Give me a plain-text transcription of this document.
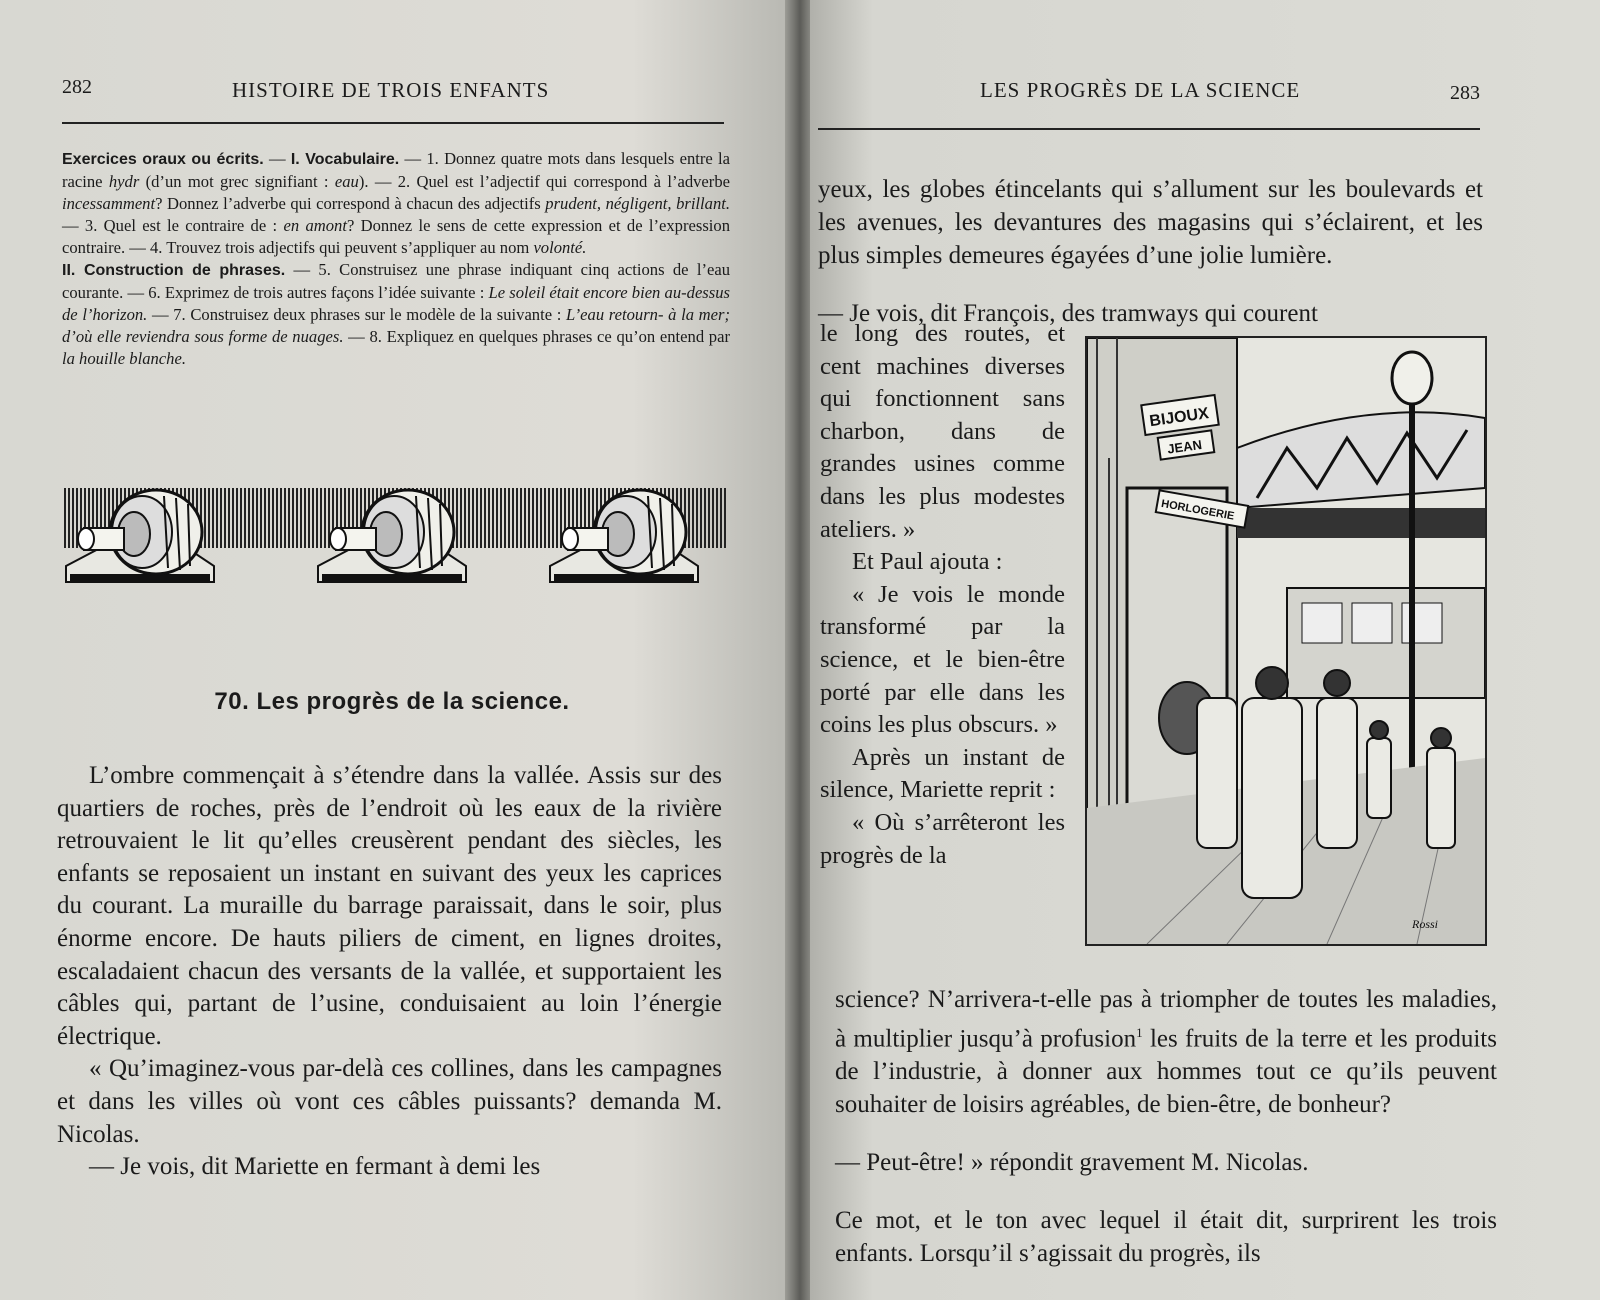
282	HISTOIRE DE TROIS ENFANTS
Exercices oraux ou écrits. — I. Vocabulaire. — 1. Donnez quatre mots dans lesquels entre la racine hydr (d’un mot grec signifiant : eau). — 2. Quel est l’adjectif qui correspond à l’adverbe incessamment? Donnez l’adverbe qui correspond à chacun des adjectifs prudent, négligent, brillant. — 3. Quel est le contraire de : en amont? Donnez le sens de cette expression et de l’expression contraire. — 4. Trouvez trois adjectifs qui peuvent s’appliquer au nom volonté.
II. Construction de phrases. — 5. Construisez une phrase indiquant cinq actions de l’eau courante. — 6. Exprimez de trois autres façons l’idée suivante : Le soleil était encore bien au-dessus de l’horizon. — 7. Construisez deux phrases sur le modèle de la suivante : L’eau retourn- à la mer; d’où elle reviendra sous forme de nuages. — 8. Expliquez en quelques phrases ce qu’on entend par la houille blanche.
70. Les progrès de la science.

L’ombre commençait à s’étendre dans la vallée. Assis sur des quartiers de roches, près de l’endroit où les eaux de la rivière retrouvaient le lit qu’elles creusèrent pendant des siècles, les enfants se reposaient un instant en suivant des yeux les caprices du courant. La muraille du barrage paraissait, dans le soir, plus énorme encore. De hauts piliers de ciment, en lignes droites, escaladaient chacun des versants de la vallée, et supportaient les câbles qui, partant de l’usine, conduisaient au loin l’énergie électrique.

« Qu’imaginez-vous par-delà ces collines, dans les campagnes et dans les villes où vont ces câbles puissants? demanda M. Nicolas.

— Je vois, dit Mariette en fermant à demi les

LES PROGRÈS DE LA SCIENCE	283

yeux, les globes étincelants qui s’allument sur les boulevards et les avenues, les devantures des magasins qui s’éclairent, et les plus simples demeures égayées d’une jolie lumière.

— Je vois, dit François, des tramways qui courent

le long des routes, et cent machines diverses qui fonctionnent sans charbon, dans de grandes usines comme dans les plus modestes ateliers. »

Et Paul ajouta :

« Je vois le monde transformé par la science, et le bien-être porté par elle dans les coins les plus obscurs. »

Après un instant de silence, Mariette reprit :

« Où s’arrêteront les progrès de la

BIJOUX
JEAN
HORLOGERIE
Rossi

science? N’arrivera-t-elle pas à triompher de toutes les maladies, à multiplier jusqu’à profusion$^1$ les fruits de la terre et les produits de l’industrie, à donner aux hommes tout ce qu’ils peuvent souhaiter de loisirs agréables, de bien-être, de bonheur?

— Peut-être! » répondit gravement M. Nicolas.

Ce mot, et le ton avec lequel il était dit, surprirent les trois enfants. Lorsqu’il s’agissait du progrès, ils
